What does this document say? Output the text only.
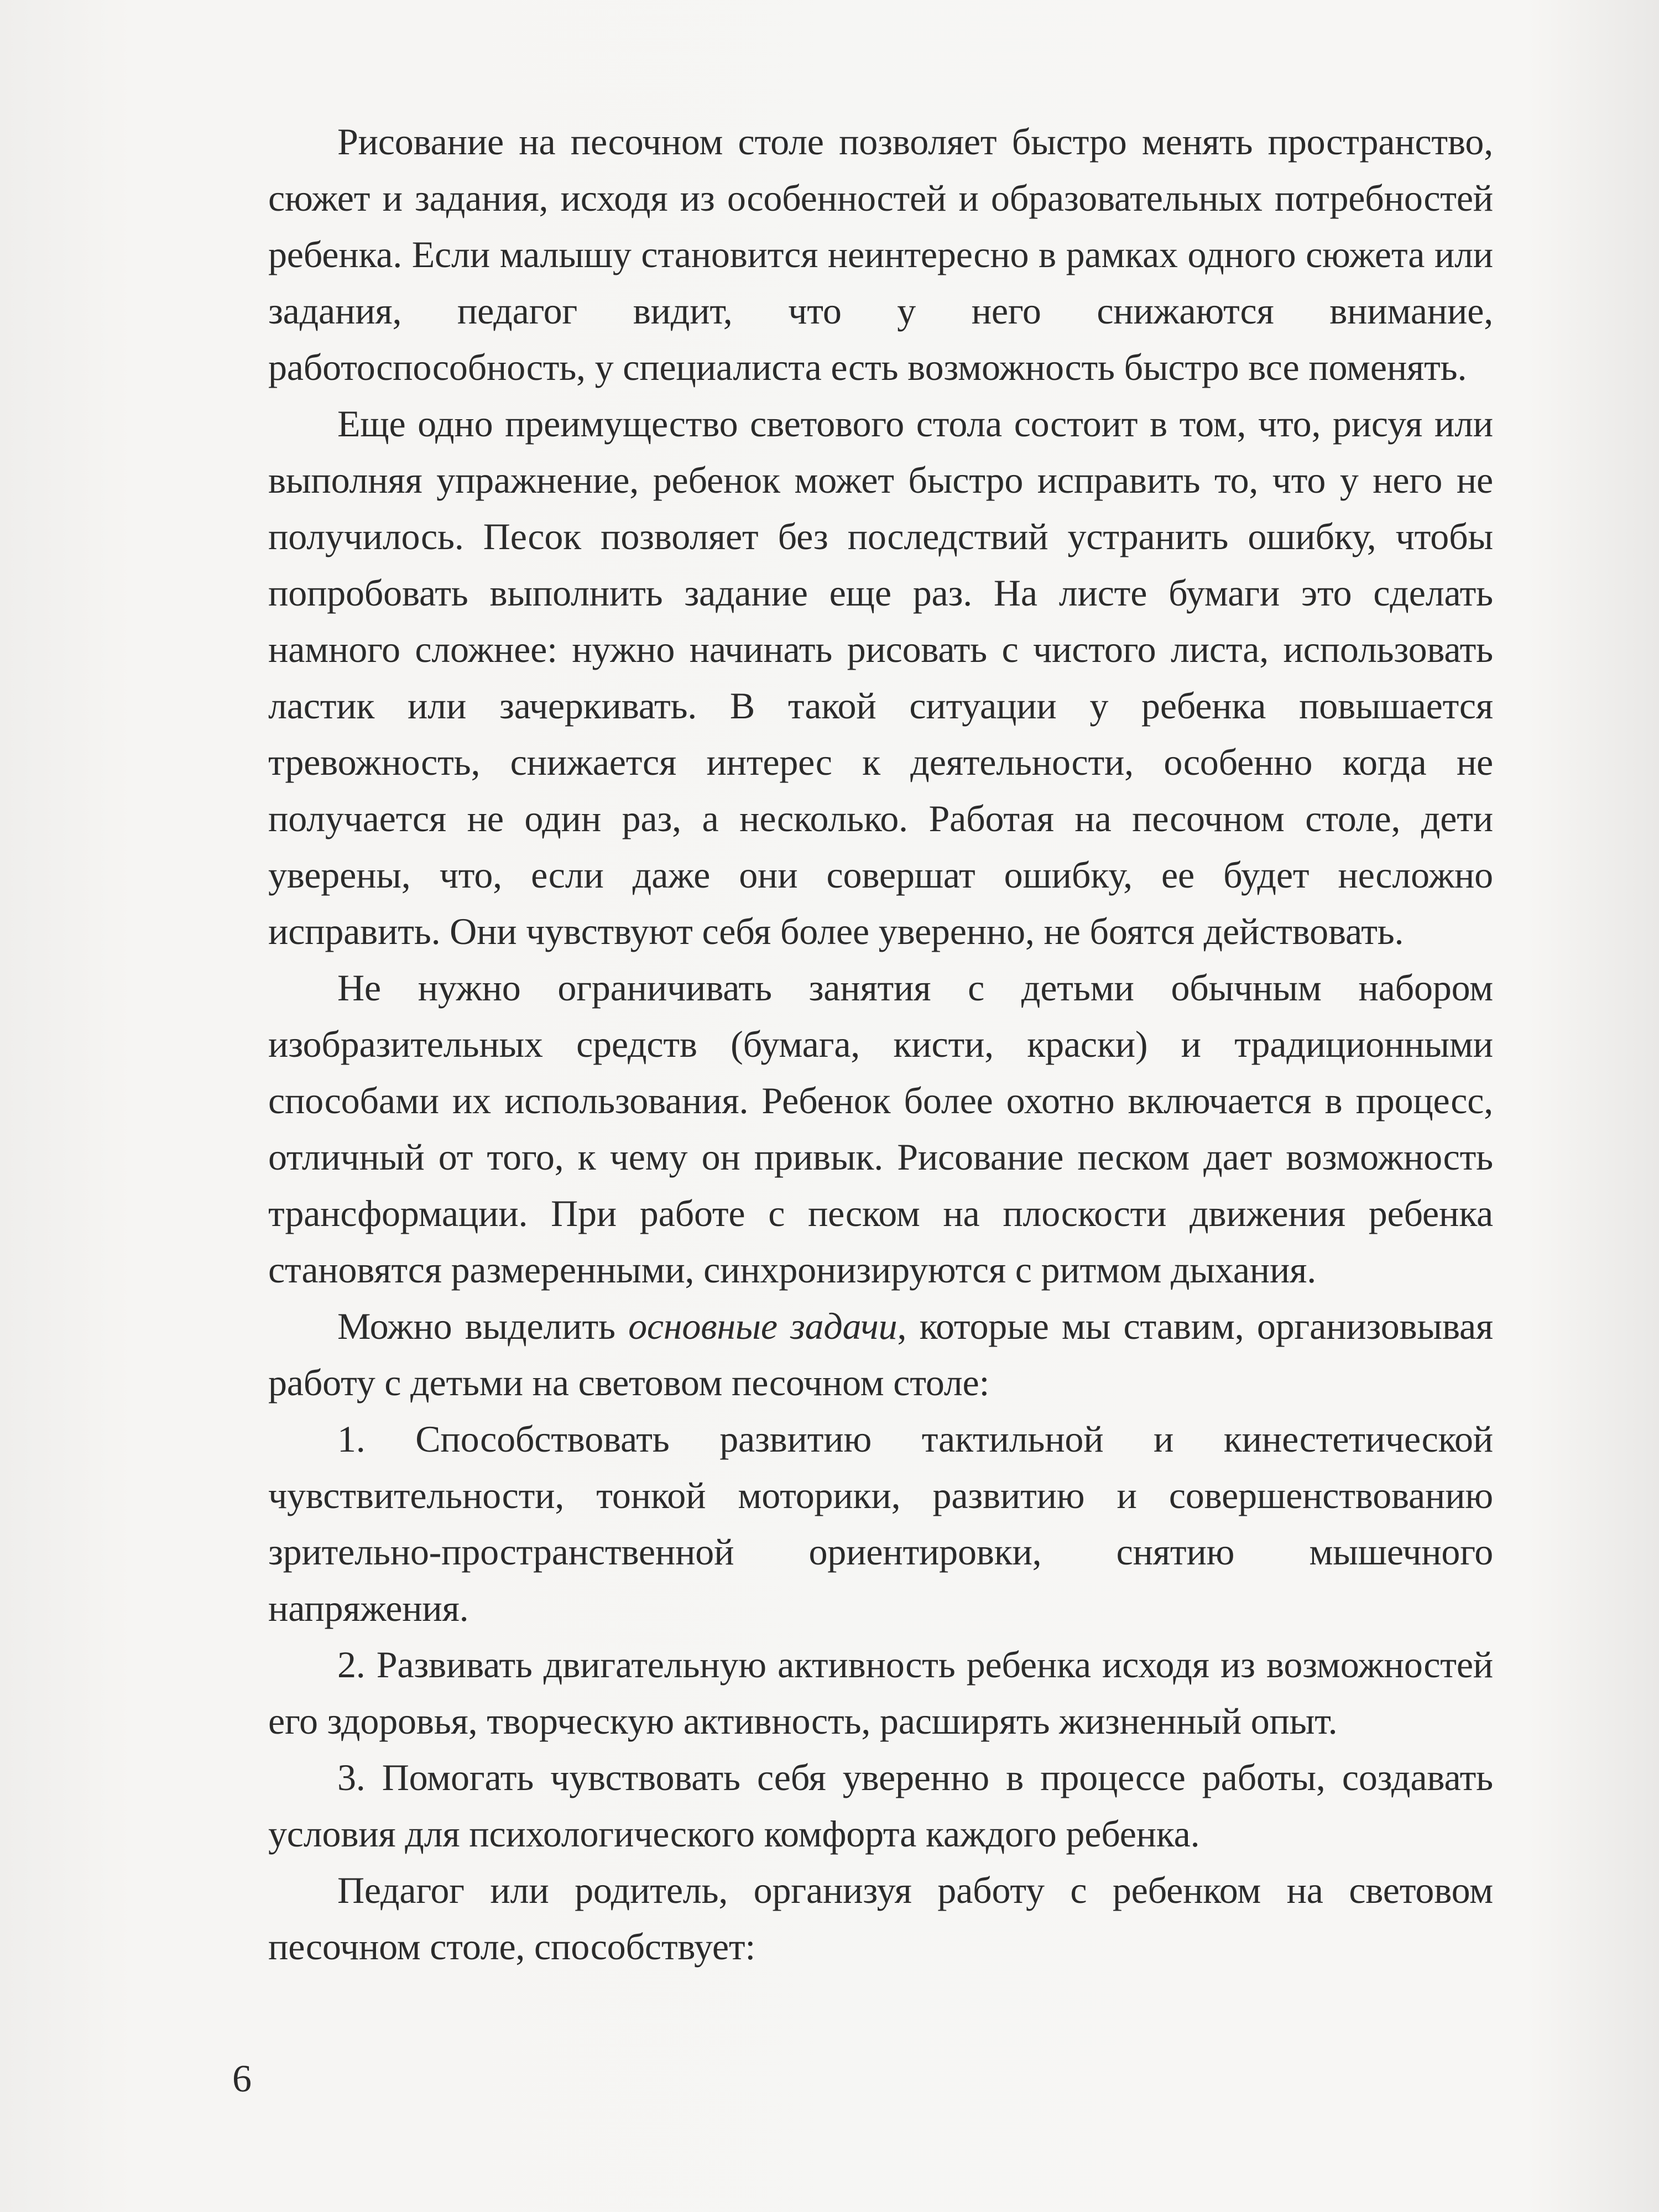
Рисование на песочном столе позволяет быстро менять пространство, сюжет и задания, исходя из особенностей и образовательных потребностей ребенка. Если малышу становится неинтересно в рамках одного сюжета или задания, педагог видит, что у него снижаются внимание, работоспособность, у специалиста есть возможность быстро все поменять.

Еще одно преимущество светового стола состоит в том, что, рисуя или выполняя упражнение, ребенок может быстро исправить то, что у него не получилось. Песок позволяет без последствий устранить ошибку, чтобы попробовать выполнить задание еще раз. На листе бумаги это сделать намного сложнее: нужно начинать рисовать с чистого листа, использовать ластик или зачеркивать. В такой ситуации у ребенка повышается тревожность, снижается интерес к деятельности, особенно когда не получается не один раз, а несколько. Работая на песочном столе, дети уверены, что, если даже они совершат ошибку, ее будет несложно исправить. Они чувствуют себя более уверенно, не боятся действовать.

Не нужно ограничивать занятия с детьми обычным набором изобразительных средств (бумага, кисти, краски) и традиционными способами их использования. Ребенок более охотно включается в процесс, отличный от того, к чему он привык. Рисование песком дает возможность трансформации. При работе с песком на плоскости движения ребенка становятся размеренными, синхронизируются с ритмом дыхания.

Можно выделить основные задачи, которые мы ставим, организовывая работу с детьми на световом песочном столе:

1. Способствовать развитию тактильной и кинестетической чувствительности, тонкой моторики, развитию и совершенствованию зрительно-пространственной ориентировки, снятию мышечного напряжения.

2. Развивать двигательную активность ребенка исходя из возможностей его здоровья, творческую активность, расширять жизненный опыт.

3. Помогать чувствовать себя уверенно в процессе работы, создавать условия для психологического комфорта каждого ребенка.

Педагог или родитель, организуя работу с ребенком на световом песочном столе, способствует:

6
